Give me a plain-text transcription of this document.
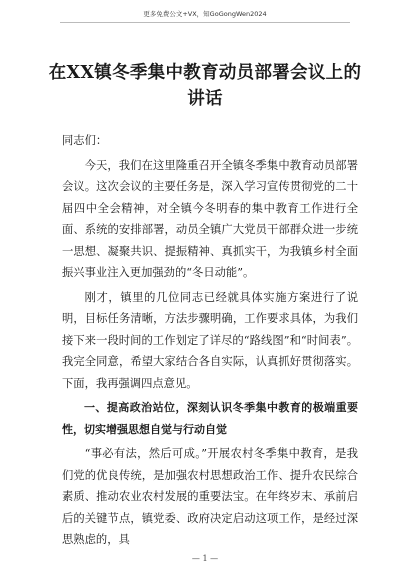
更多免费公文+VX，知GoGongWen2024
在XX镇冬季集中教育动员部署会议上的讲话

同志们：

今天，我们在这里隆重召开全镇冬季集中教育动员部署会议。这次会议的主要任务是，深入学习宣传贯彻党的二十届四中全会精神，对全镇今冬明春的集中教育工作进行全面、系统的安排部署，动员全镇广大党员干部群众进一步统一思想、凝聚共识、提振精神、真抓实干，为我镇乡村全面振兴事业注入更加强劲的“冬日动能”。

刚才，镇里的几位同志已经就具体实施方案进行了说明，目标任务清晰，方法步骤明确，工作要求具体，为我们接下来一段时间的工作划定了详尽的“路线图”和“时间表”。我完全同意，希望大家结合各自实际，认真抓好贯彻落实。下面，我再强调四点意见。

一、提高政治站位，深刻认识冬季集中教育的极端重要性，切实增强思想自觉与行动自觉

“事必有法，然后可成。”开展农村冬季集中教育，是我们党的优良传统，是加强农村思想政治工作、提升农民综合素质、推动农业农村发展的重要法宝。在年终岁末、承前启后的关键节点，镇党委、政府决定启动这项工作，是经过深思熟虑的，具

— 1 —
